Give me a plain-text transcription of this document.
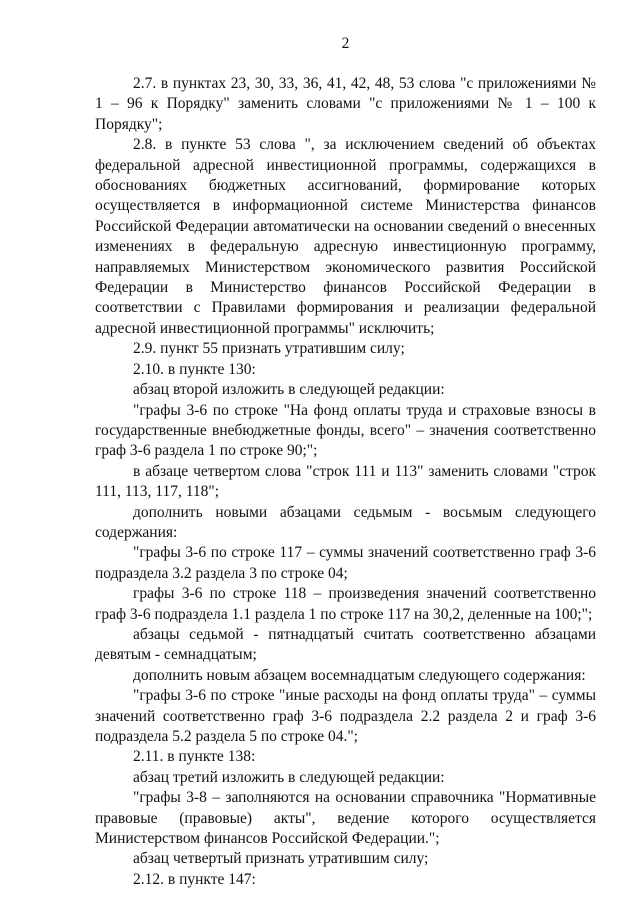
2

2.7. в пунктах 23, 30, 33, 36, 41, 42, 48, 53 слова "с приложениями № 1 – 96 к Порядку" заменить словами "с приложениями № 1 – 100 к Порядку";

2.8. в пункте 53 слова ", за исключением сведений об объектах федеральной адресной инвестиционной программы, содержащихся в обоснованиях бюджетных ассигнований, формирование которых осуществляется в информационной системе Министерства финансов Российской Федерации автоматически на основании сведений о внесенных изменениях в федеральную адресную инвестиционную программу, направляемых Министерством экономического развития Российской Федерации в Министерство финансов Российской Федерации в соответствии с Правилами формирования и реализации федеральной адресной инвестиционной программы" исключить;

2.9. пункт 55 признать утратившим силу;

2.10. в пункте 130:

абзац второй изложить в следующей редакции:

"графы 3-6 по строке "На фонд оплаты труда и страховые взносы в государственные внебюджетные фонды, всего" – значения соответственно граф 3-6 раздела 1 по строке 90;";

в абзаце четвертом слова "строк 111 и 113" заменить словами "строк 111, 113, 117, 118";

дополнить новыми абзацами седьмым - восьмым следующего содержания:

"графы 3-6 по строке 117 – суммы значений соответственно граф 3-6 подраздела 3.2 раздела 3 по строке 04;

графы 3-6 по строке 118 – произведения значений соответственно граф 3-6 подраздела 1.1 раздела 1 по строке 117 на 30,2, деленные на 100;";

абзацы седьмой - пятнадцатый считать соответственно абзацами девятым - семнадцатым;

дополнить новым абзацем восемнадцатым следующего содержания:

"графы 3-6 по строке "иные расходы на фонд оплаты труда" – суммы значений соответственно граф 3-6 подраздела 2.2 раздела 2 и граф 3-6 подраздела 5.2 раздела 5 по строке 04.";

2.11. в пункте 138:

абзац третий изложить в следующей редакции:

"графы 3-8 – заполняются на основании справочника "Нормативные правовые (правовые) акты", ведение которого осуществляется Министерством финансов Российской Федерации.";

абзац четвертый признать утратившим силу;

2.12. в пункте 147:
